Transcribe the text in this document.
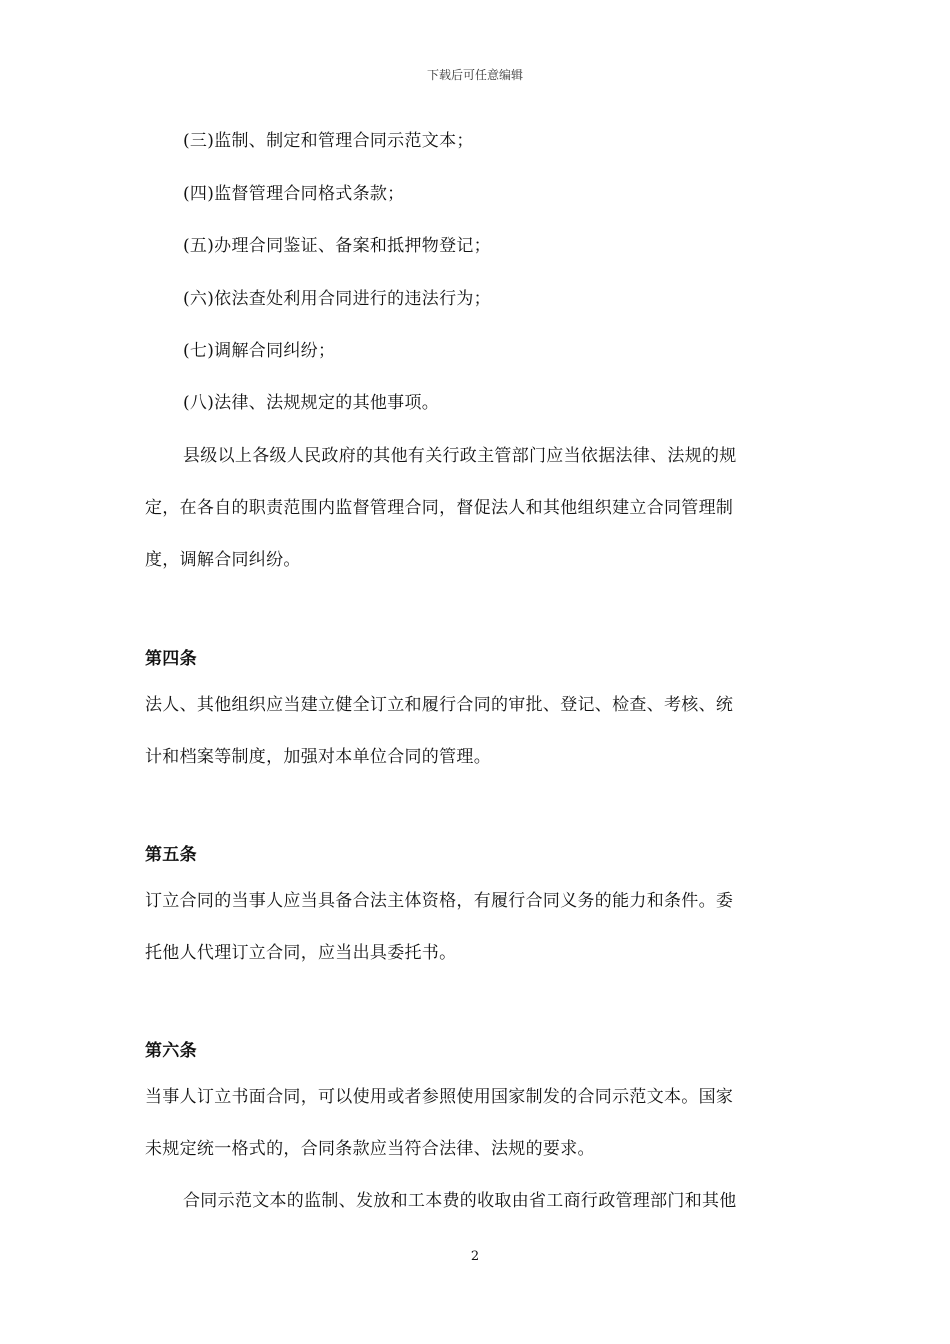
下载后可任意编辑
(三)监制、制定和管理合同示范文本；
(四)监督管理合同格式条款；
(五)办理合同鉴证、备案和抵押物登记；
(六)依法查处利用合同进行的违法行为；
(七)调解合同纠纷；
(八)法律、法规规定的其他事项。
县级以上各级人民政府的其他有关行政主管部门应当依据法律、法规的规
定，在各自的职责范围内监督管理合同，督促法人和其他组织建立合同管理制
度，调解合同纠纷。
第四条
法人、其他组织应当建立健全订立和履行合同的审批、登记、检查、考核、统
计和档案等制度，加强对本单位合同的管理。
第五条
订立合同的当事人应当具备合法主体资格，有履行合同义务的能力和条件。委
托他人代理订立合同，应当出具委托书。
第六条
当事人订立书面合同，可以使用或者参照使用国家制发的合同示范文本。国家
未规定统一格式的，合同条款应当符合法律、法规的要求。
合同示范文本的监制、发放和工本费的收取由省工商行政管理部门和其他
2
